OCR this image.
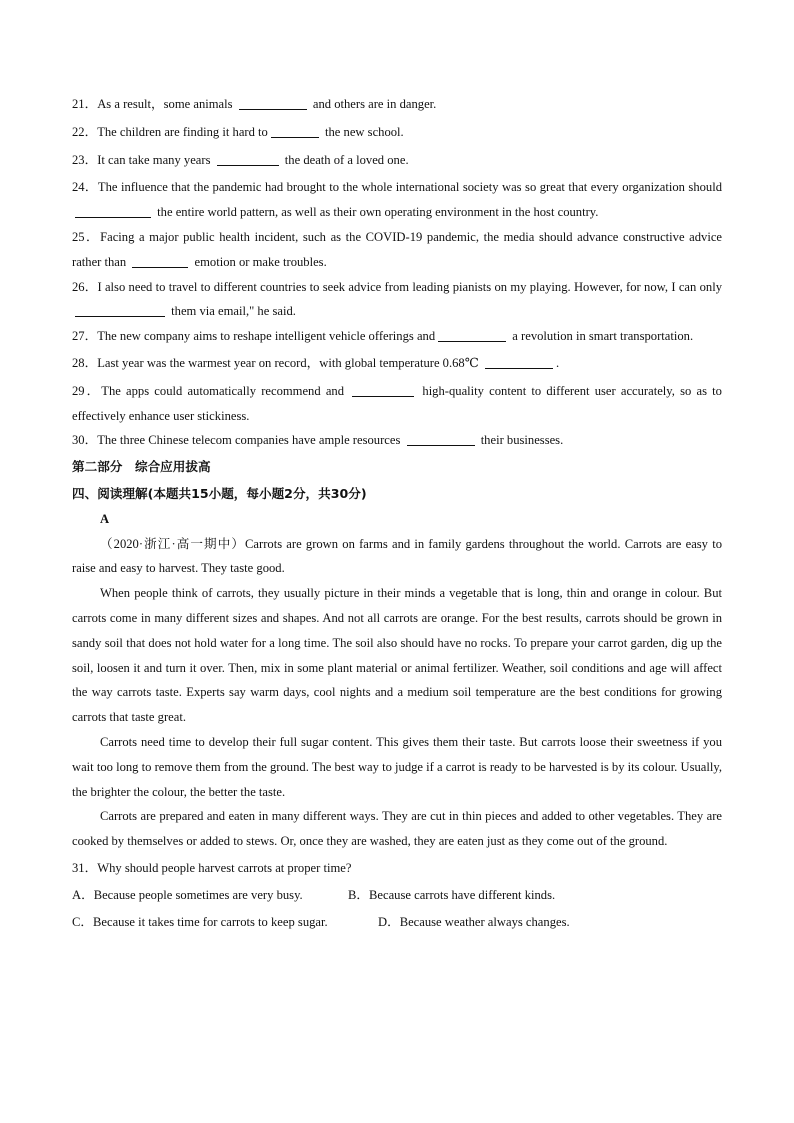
21．As a result，some animals	and others are in danger.
22．The children are finding it hard to	the new school.
23．It can take many years	the death of a loved one.
24．The influence that the pandemic had brought to the whole international society was so great that every organization should  the entire world pattern, as well as their own operating environment in the host country.
25．Facing a major public health incident, such as the COVID-19 pandemic, the media should advance constructive advice rather than	emotion or make troubles.
26．I also need to travel to different countries to seek advice from leading pianists on my playing. However, for now, I can only  them via email," he said.
27．The new company aims to reshape intelligent vehicle offerings and	a revolution in smart transportation.
28．Last year was the warmest year on record，with global temperature 0.68℃	.
29．The apps could automatically recommend and	high-quality content to different user accurately, so as to effectively enhance user stickiness.
30．The three Chinese telecom companies have ample resources	their businesses.
第二部分　综合应用拔高
四、阅读理解(本题共15小题，每小题2分，共30分)
A
（2020·浙江·高一期中）Carrots are grown on farms and in family gardens throughout the world. Carrots are easy to raise and easy to harvest. They taste good.
When people think of carrots, they usually picture in their minds a vegetable that is long, thin and orange in colour. But carrots come in many different sizes and shapes. And not all carrots are orange. For the best results, carrots should be grown in sandy soil that does not hold water for a long time. The soil also should have no rocks. To prepare your carrot garden, dig up the soil, loosen it and turn it over. Then, mix in some plant material or animal fertilizer. Weather, soil conditions and age will affect the way carrots taste. Experts say warm days, cool nights and a medium soil temperature are the best conditions for growing carrots that taste great.
Carrots need time to develop their full sugar content. This gives them their taste. But carrots loose their sweetness if you wait too long to remove them from the ground. The best way to judge if a carrot is ready to be harvested is by its colour. Usually, the brighter the colour, the better the taste.
Carrots are prepared and eaten in many different ways. They are cut in thin pieces and added to other vegetables. They are cooked by themselves or added to stews. Or, once they are washed, they are eaten just as they come out of the ground.
31．Why should people harvest carrots at proper time?
A．Because people sometimes are very busy.	B．Because carrots have different kinds.
C．Because it takes time for carrots to keep sugar.	D．Because weather always changes.
